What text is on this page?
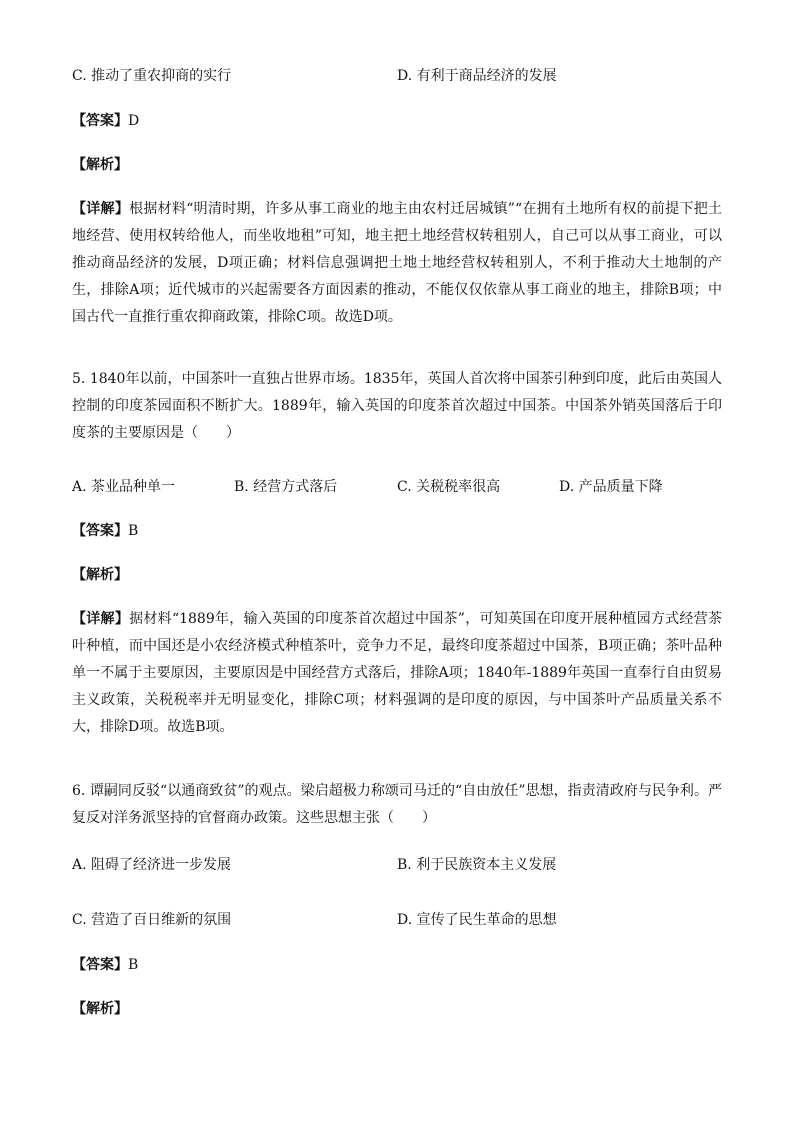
C. 推动了重农抑商的实行	D. 有利于商品经济的发展
【答案】D
【解析】
【详解】根据材料“明清时期，许多从事工商业的地主由农村迁居城镇”“在拥有土地所有权的前提下把土地经营、使用权转给他人，而坐收地租”可知，地主把土地经营权转租别人，自己可以从事工商业，可以推动商品经济的发展，D项正确；材料信息强调把土地土地经营权转租别人，不利于推动大土地制的产生，排除A项；近代城市的兴起需要各方面因素的推动，不能仅仅依靠从事工商业的地主，排除B项；中国古代一直推行重农抑商政策，排除C项。故选D项。
5. 1840年以前，中国茶叶一直独占世界市场。1835年，英国人首次将中国茶引种到印度，此后由英国人控制的印度茶园面积不断扩大。1889年，输入英国的印度茶首次超过中国茶。中国茶外销英国落后于印度茶的主要原因是（　　）
A. 茶业品种单一	B. 经营方式落后	C. 关税税率很高	D. 产品质量下降
【答案】B
【解析】
【详解】据材料“1889年，输入英国的印度茶首次超过中国茶”，可知英国在印度开展种植园方式经营茶叶种植，而中国还是小农经济模式种植茶叶，竞争力不足，最终印度茶超过中国茶，B项正确；茶叶品种单一不属于主要原因，主要原因是中国经营方式落后，排除A项；1840年-1889年英国一直奉行自由贸易主义政策，关税税率并无明显变化，排除C项；材料强调的是印度的原因，与中国茶叶产品质量关系不大，排除D项。故选B项。
6. 谭嗣同反驳“以通商致贫”的观点。梁启超极力称颂司马迁的“自由放任”思想，指责清政府与民争利。严复反对洋务派坚持的官督商办政策。这些思想主张（　　）
A. 阻碍了经济进一步发展	B. 利于民族资本主义发展
C. 营造了百日维新的氛围	D. 宣传了民生革命的思想
【答案】B
【解析】
